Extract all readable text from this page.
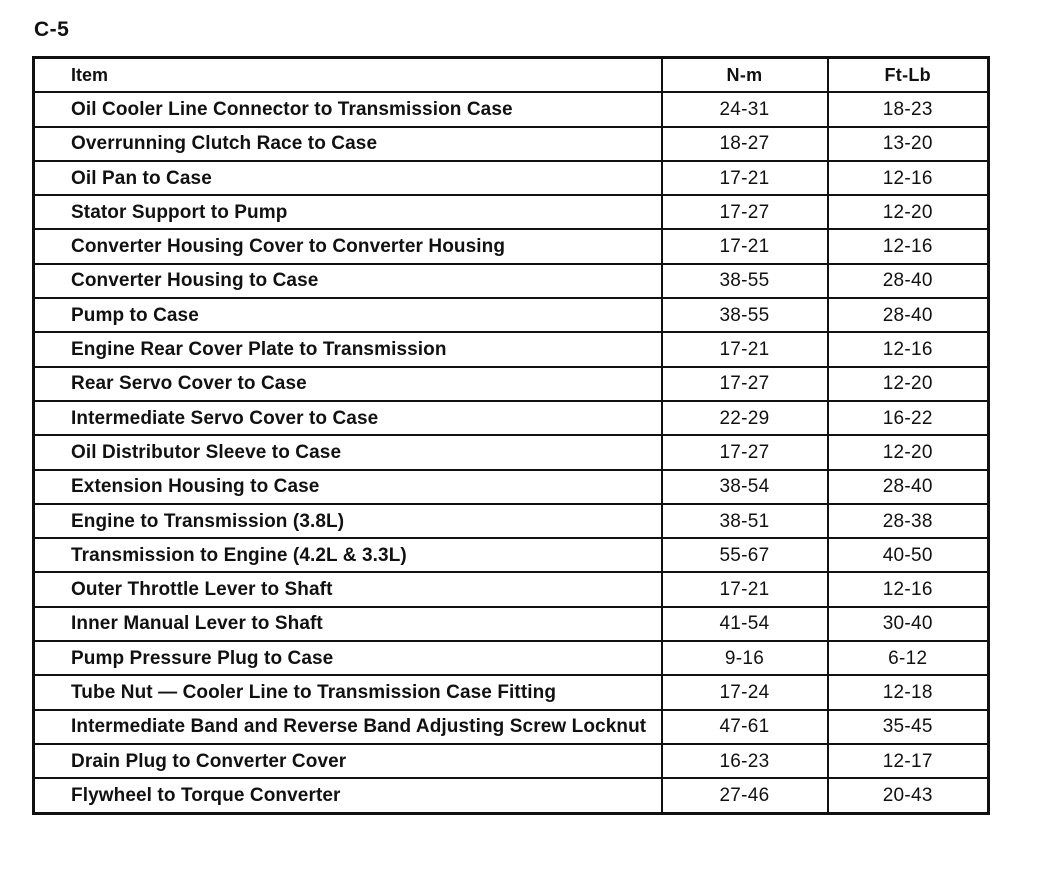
C-5
Item	N-m	Ft-Lb
Oil Cooler Line Connector to Transmission Case	24-31	18-23
Overrunning Clutch Race to Case	18-27	13-20
Oil Pan to Case	17-21	12-16
Stator Support to Pump	17-27	12-20
Converter Housing Cover to Converter Housing	17-21	12-16
Converter Housing to Case	38-55	28-40
Pump to Case	38-55	28-40
Engine Rear Cover Plate to Transmission	17-21	12-16
Rear Servo Cover to Case	17-27	12-20
Intermediate Servo Cover to Case	22-29	16-22
Oil Distributor Sleeve to Case	17-27	12-20
Extension Housing to Case	38-54	28-40
Engine to Transmission (3.8L)	38-51	28-38
Transmission to Engine (4.2L & 3.3L)	55-67	40-50
Outer Throttle Lever to Shaft	17-21	12-16
Inner Manual Lever to Shaft	41-54	30-40
Pump Pressure Plug to Case	9-16	6-12
Tube Nut — Cooler Line to Transmission Case Fitting	17-24	12-18
Intermediate Band and Reverse Band Adjusting Screw Locknut	47-61	35-45
Drain Plug to Converter Cover	16-23	12-17
Flywheel to Torque Converter	27-46	20-43
